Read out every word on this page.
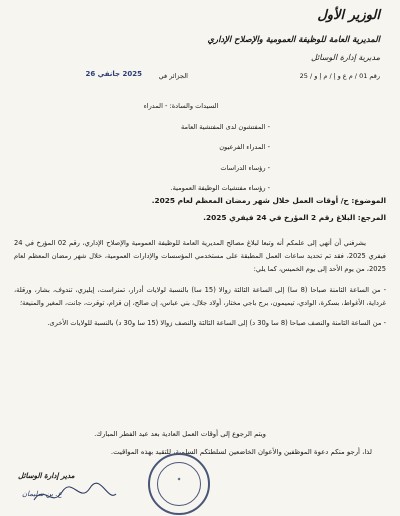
الوزير الأول
المديرية العامة للوظيفة العمومية والإصلاح الإداري
مديرية إدارة الوسائل
رقم 01 / م ع و إ / م إ و / 25
الجزائر في
2025 جانفي 26
السيدات والسادة: - المدراء
- المفتشون لدى المفتشية العامة
- المدراء الفرعيون
- رؤساء الدراسات
- رؤساء مفتشيات الوظيفة العمومية.
الموضوع: ح/ أوقات العمل خلال شهر رمضان المعظم لعام 2025.
المرجع: البلاغ رقم 2 المؤرخ في 24 فيفري 2025.

يشرفني أن أنهي إلى علمكم أنه وتبعا لبلاغ مصالح المديرية العامة للوظيفة العمومية والإصلاح الإداري، رقم 02 المؤرخ في 24 فيفري 2025، فقد تم تحديد ساعات العمل المطبقة على مستخدمي المؤسسات والإدارات العمومية، خلال شهر رمضان المعظم لعام 2025، من يوم الأحد إلى يوم الخميس، كما يلي:

- من الساعة الثامنة صباحا (8 سا) إلى الساعة الثالثة زوالا (15 سا) بالنسبة لولايات أدرار، تمنراست، إيليزي، تندوف، بشار، ورقلة، غرداية، الأغواط، بسكرة، الوادي، تيميمون، برج باجي مختار، أولاد جلال، بني عباس، إن صالح، إن قزام، توقرت، جانت، المغير والمنيعة؛

- من الساعة الثامنة والنصف صباحا (8 سا و30 د) إلى الساعة الثالثة والنصف زوالا (15 سا و30 د) بالنسبة للولايات الأخرى.

ويتم الرجوع إلى أوقات العمل العادية بعد عيد الفطر المبارك.
لذا، أرجو منكم دعوة الموظفين والأعوان الخاضعين لسلطتكم السلمية، للتقيد بهذه المواقيت.
✦
مدير إدارة الوسائل
ع. بن سليمان
